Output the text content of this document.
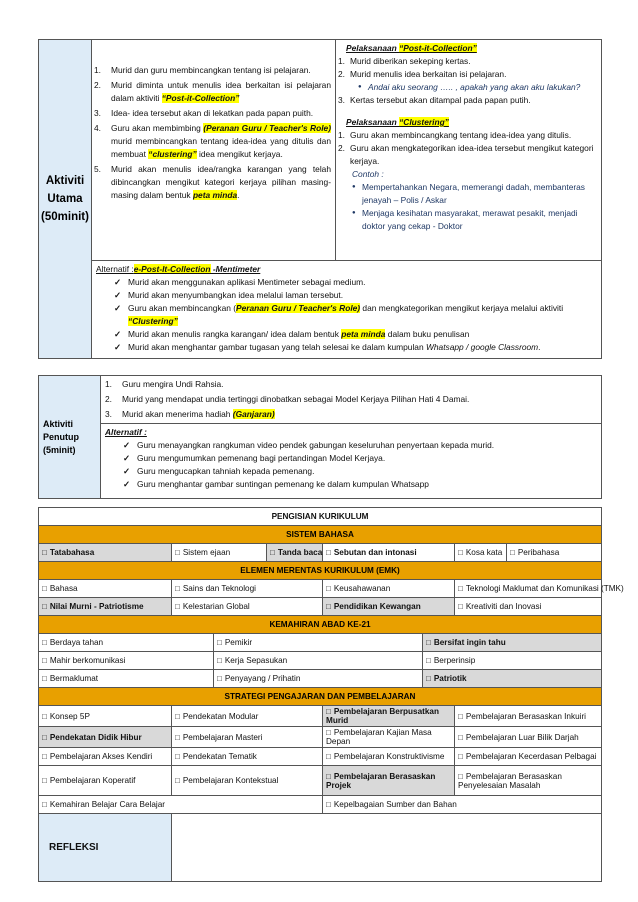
Aktiviti
Utama
(50minit)

1.	Murid dan guru membincangkan tentang isi pelajaran.
2.	Murid diminta untuk menulis idea berkaitan isi pelajaran dalam aktiviti “Post-it-Collection”
3.	Idea- idea tersebut akan di lekatkan pada papan puith.
4.	Guru akan membimbing (Peranan Guru / Teacher's Role) murid membincangkan tentang idea-idea yang ditulis dan membuat “clustering” idea mengikut kerjaya.
5.	Murid akan menulis idea/rangka karangan yang telah dibincangkan mengikut kategori kerjaya pilihan masing-masing dalam bentuk peta minda.

Pelaksanaan “Post-it-Collection”
1. Murid diberikan sekeping kertas.
2. Murid menulis idea berkaitan isi pelajaran.
● Andai aku seorang ….. , apakah yang akan aku lakukan?
3. Kertas tersebut akan ditampal pada papan putih.
Pelaksanaan “Clustering”
1. Guru akan membincangkang tentang idea-idea yang ditulis.
2. Guru akan mengkategorikan idea-idea tersebut mengikut kategori kerjaya.
Contoh :
● Mempertahankan Negara, memerangi dadah, membanteras jenayah – Polis / Askar
● Menjaga kesihatan masyarakat, merawat pesakit, menjadi doktor yang cekap - Doktor

Alternatif :e-Post-It-Collection -Mentimeter
✓ Murid akan menggunakan aplikasi Mentimeter sebagai medium.
✓ Murid akan menyumbangkan idea melalui laman tersebut.
✓ Guru akan membincangkan (Peranan Guru / Teacher's Role) dan mengkategorikan mengikut kerjaya melalui aktiviti “Clustering”
✓ Murid akan menulis rangka karangan/ idea dalam bentuk peta minda dalam buku penulisan
✓ Murid akan menghantar gambar tugasan yang telah selesai ke dalam kumpulan Whatsapp / google Classroom.
Aktiviti
Penutup
(5minit)

1.	Guru mengira Undi Rahsia.
2.	Murid yang mendapat undia tertinggi dinobatkan sebagai Model Kerjaya Pilihan Hati 4 Damai.
3.	Murid akan menerima hadiah (Ganjaran)

Alternatif :
✓ Guru menayangkan rangkuman video pendek gabungan keseluruhan penyertaan kepada murid.
✓ Guru mengumumkan pemenang bagi pertandingan Model Kerjaya.
✓ Guru mengucapkan tahniah kepada pemenang.
✓ Guru menghantar gambar suntingan pemenang ke dalam kumpulan Whatsapp
PENGISIAN KURIKULUM							
SISTEM BAHASA							
□ Tatabahasa	□ Sistem ejaan		□ Tanda baca	□ Sebutan dan intonasi		□ Kosa kata	□ Peribahasa
ELEMEN MERENTAS KURIKULUM (EMK)							
□ Bahasa	□ Sains dan Teknologi			□ Keusahawanan		□ Teknologi Maklumat dan Komunikasi (TMK)	
□ Nilai Murni - Patriotisme	□ Kelestarian Global			□ Pendidikan Kewangan		□ Kreativiti dan Inovasi	
KEMAHIRAN ABAD KE-21							
□ Berdaya tahan		□ Pemikir			□ Bersifat ingin tahu		
□ Mahir berkomunikasi		□ Kerja Sepasukan			□ Berperinsip		
□ Bermaklumat		□ Penyayang / Prihatin			□ Patriotik		
STRATEGI PENGAJARAN DAN PEMBELAJARAN							
□ Konsep 5P	□ Pendekatan Modular			□ Pembelajaran Berpusatkan Murid		□ Pembelajaran Berasaskan Inkuiri	
□ Pendekatan Didik Hibur	□ Pembelajaran Masteri			□ Pembelajaran Kajian Masa Depan		□ Pembelajaran Luar Bilik Darjah	
□ Pembelajaran Akses Kendiri	□ Pendekatan Tematik			□ Pembelajaran Konstruktivisme		□ Pembelajaran Kecerdasan Pelbagai	
□ Pembelajaran Koperatif	□ Pembelajaran Kontekstual			□ Pembelajaran Berasaskan Projek		□ Pembelajaran Berasaskan Penyelesaian Masalah	
□ Kemahiran Belajar Cara Belajar				□ Kepelbagaian Sumber dan Bahan			
REFLEKSI							
